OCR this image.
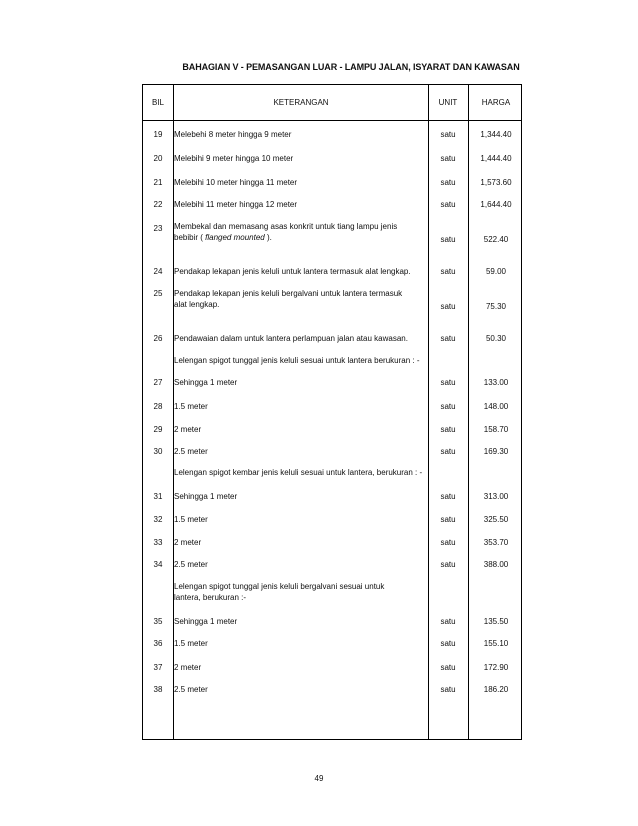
BAHAGIAN V - PEMASANGAN LUAR - LAMPU JALAN, ISYARAT DAN KAWASAN
BIL	KETERANGAN	UNIT	HARGA
19	Melebehi 8 meter hingga 9 meter	satu	1,344.40
20	Melebihi 9 meter hingga 10 meter	satu	1,444.40
21	Melebihi 10 meter hingga 11 meter	satu	1,573.60
22	Melebihi 11 meter hingga 12 meter	satu	1,644.40
23	Membekal dan memasang asas konkrit untuk tiang lampu jenis
bebibir ( flanged mounted ).	satu	522.40
24	Pendakap lekapan jenis keluli untuk lantera termasuk alat lengkap.	satu	59.00
25	Pendakap lekapan jenis keluli bergalvani untuk lantera termasuk
alat lengkap.	satu	75.30
26	Pendawaian dalam untuk lantera perlampuan jalan atau kawasan.	satu	50.30
Lelengan spigot tunggal jenis keluli sesuai untuk lantera berukuran : -
27	Sehingga 1 meter	satu	133.00
28	1.5 meter	satu	148.00
29	2 meter	satu	158.70
30	2.5 meter	satu	169.30
Lelengan spigot kembar jenis keluli sesuai untuk lantera, berukuran : -
31	Sehingga 1 meter	satu	313.00
32	1.5 meter	satu	325.50
33	2 meter	satu	353.70
34	2.5 meter	satu	388.00
Lelengan spigot tunggal jenis keluli bergalvani sesuai untuk
lantera, berukuran :-
35	Sehingga 1 meter	satu	135.50
36	1.5 meter	satu	155.10
37	2 meter	satu	172.90
38	2.5 meter	satu	186.20
49
